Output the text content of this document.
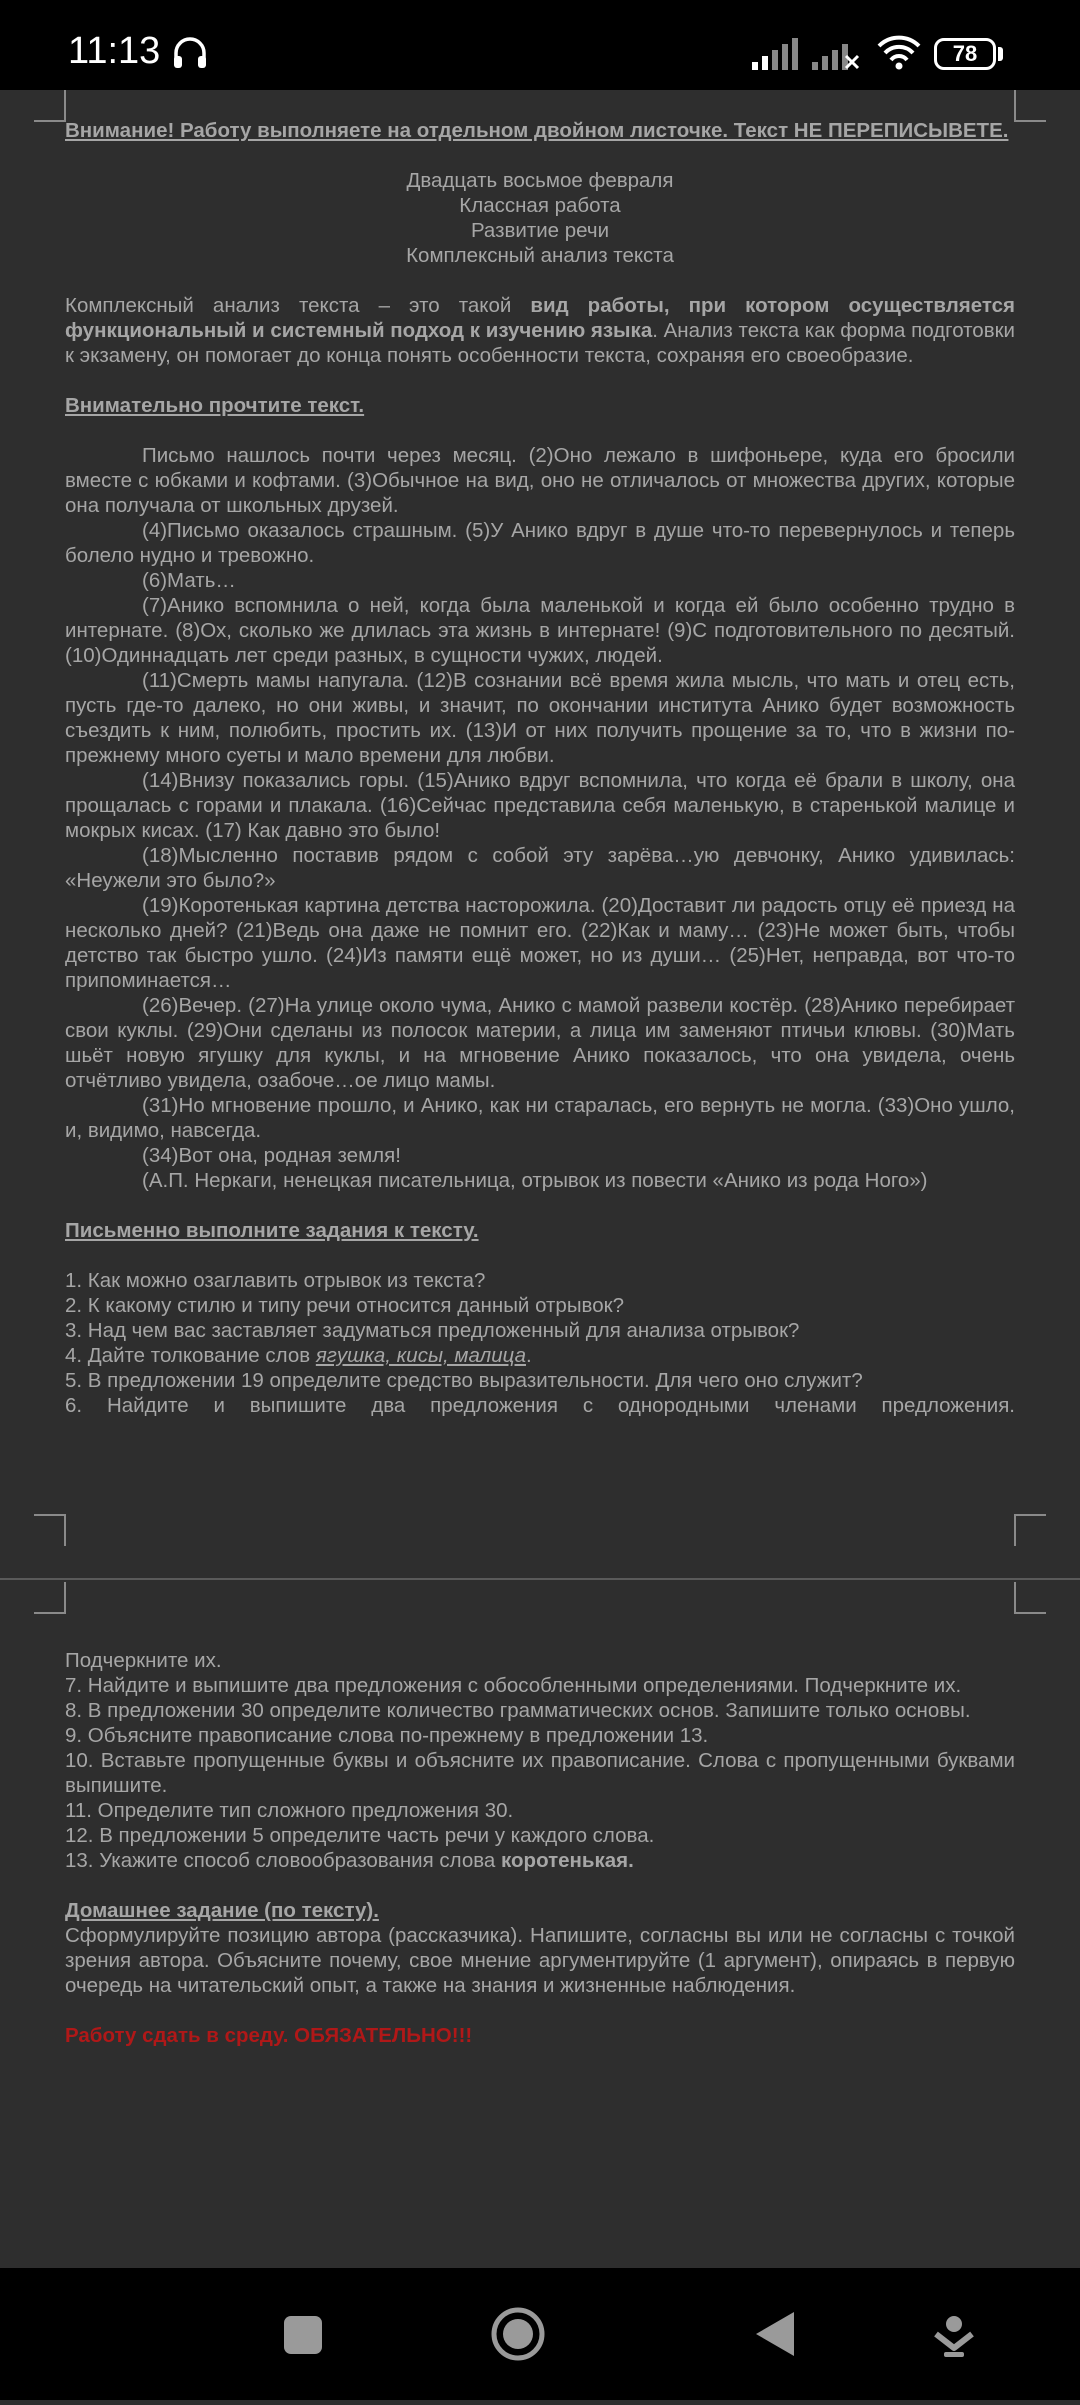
11:13	78

Внимание! Работу выполняете на отдельном двойном листочке. Текст НЕ ПЕРЕПИСЫВЕТЕ.

Двадцать восьмое февраля

Классная работа

Развитие речи

Комплексный анализ текста

Комплексный анализ текста – это такой вид работы, при котором осуществляется функциональный и системный подход к изучению языка. Анализ текста как форма подготовки к экзамену, он помогает до конца понять особенности текста, сохраняя его своеобразие.

Внимательно прочтите текст.

Письмо нашлось почти через месяц. (2)Оно лежало в шифоньере, куда его бросили вместе с юбками и кофтами. (3)Обычное на вид, оно не отличалось от множества других, которые она получала от школьных друзей.

(4)Письмо оказалось страшным. (5)У Анико вдруг в душе что-то перевернулось и теперь болело нудно и тревожно.

(6)Мать…

(7)Анико вспомнила о ней, когда была маленькой и когда ей было особенно трудно в интернате. (8)Ох, сколько же длилась эта жизнь в интернате! (9)С подготовительного по десятый. (10)Одиннадцать лет среди разных, в сущности чужих, людей.

(11)Смерть мамы напугала. (12)В сознании всё время жила мысль, что мать и отец есть, пусть где-то далеко, но они живы, и значит, по окончании института Анико будет возможность съездить к ним, полюбить, простить их. (13)И от них получить прощение за то, что в жизни по-прежнему много суеты и мало времени для любви.

(14)Внизу показались горы. (15)Анико вдруг вспомнила, что когда её брали в школу, она прощалась с горами и плакала. (16)Сейчас представила себя маленькую, в старенькой малице и мокрых кисах. (17) Как давно это было!

(18)Мысленно поставив рядом с собой эту зарёва…ую девчонку, Анико удивилась: «Неужели это было?»

(19)Коротенькая картина детства насторожила. (20)Доставит ли радость отцу её приезд на несколько дней? (21)Ведь она даже не помнит его. (22)Как и маму… (23)Не может быть, чтобы детство так быстро ушло. (24)Из памяти ещё может, но из души… (25)Нет, неправда, вот что-то припоминается…

(26)Вечер. (27)На улице около чума, Анико с мамой развели костёр. (28)Анико перебирает свои куклы. (29)Они сделаны из полосок материи, а лица им заменяют птичьи клювы. (30)Мать шьёт новую ягушку для куклы, и на мгновение Анико показалось, что она увидела, очень отчётливо увидела, озабоче…ое лицо мамы.

(31)Но мгновение прошло, и Анико, как ни старалась, его вернуть не могла. (33)Оно ушло, и, видимо, навсегда.

(34)Вот она, родная земля!

(А.П. Неркаги, ненецкая писательница, отрывок из повести «Анико из рода Ного»)

Письменно выполните задания к тексту.

1. Как можно озаглавить отрывок из текста?

2. К какому стилю и типу речи относится данный отрывок?

3. Над чем вас заставляет задуматься предложенный для анализа отрывок?

4. Дайте толкование слов ягушка, кисы, малица.

5. В предложении 19 определите средство выразительности. Для чего оно служит?

6. Найдите и выпишите два предложения с однородными членами предложения.

Подчеркните их.

7. Найдите и выпишите два предложения с обособленными определениями. Подчеркните их.

8. В предложении 30 определите количество грамматических основ. Запишите только основы.

9. Объясните правописание слова по-прежнему в предложении 13.

10. Вставьте пропущенные буквы и объясните их правописание. Слова с пропущенными буквами выпишите.

11. Определите тип сложного предложения 30.

12. В предложении 5 определите часть речи у каждого слова.

13. Укажите способ словообразования слова коротенькая.

Домашнее задание (по тексту).

Сформулируйте позицию автора (рассказчика). Напишите, согласны вы или не согласны с точкой зрения автора. Объясните почему, свое мнение аргументируйте (1 аргумент), опираясь в первую очередь на читательский опыт, а также на знания и жизненные наблюдения.

Работу сдать в среду. ОБЯЗАТЕЛЬНО!!!
